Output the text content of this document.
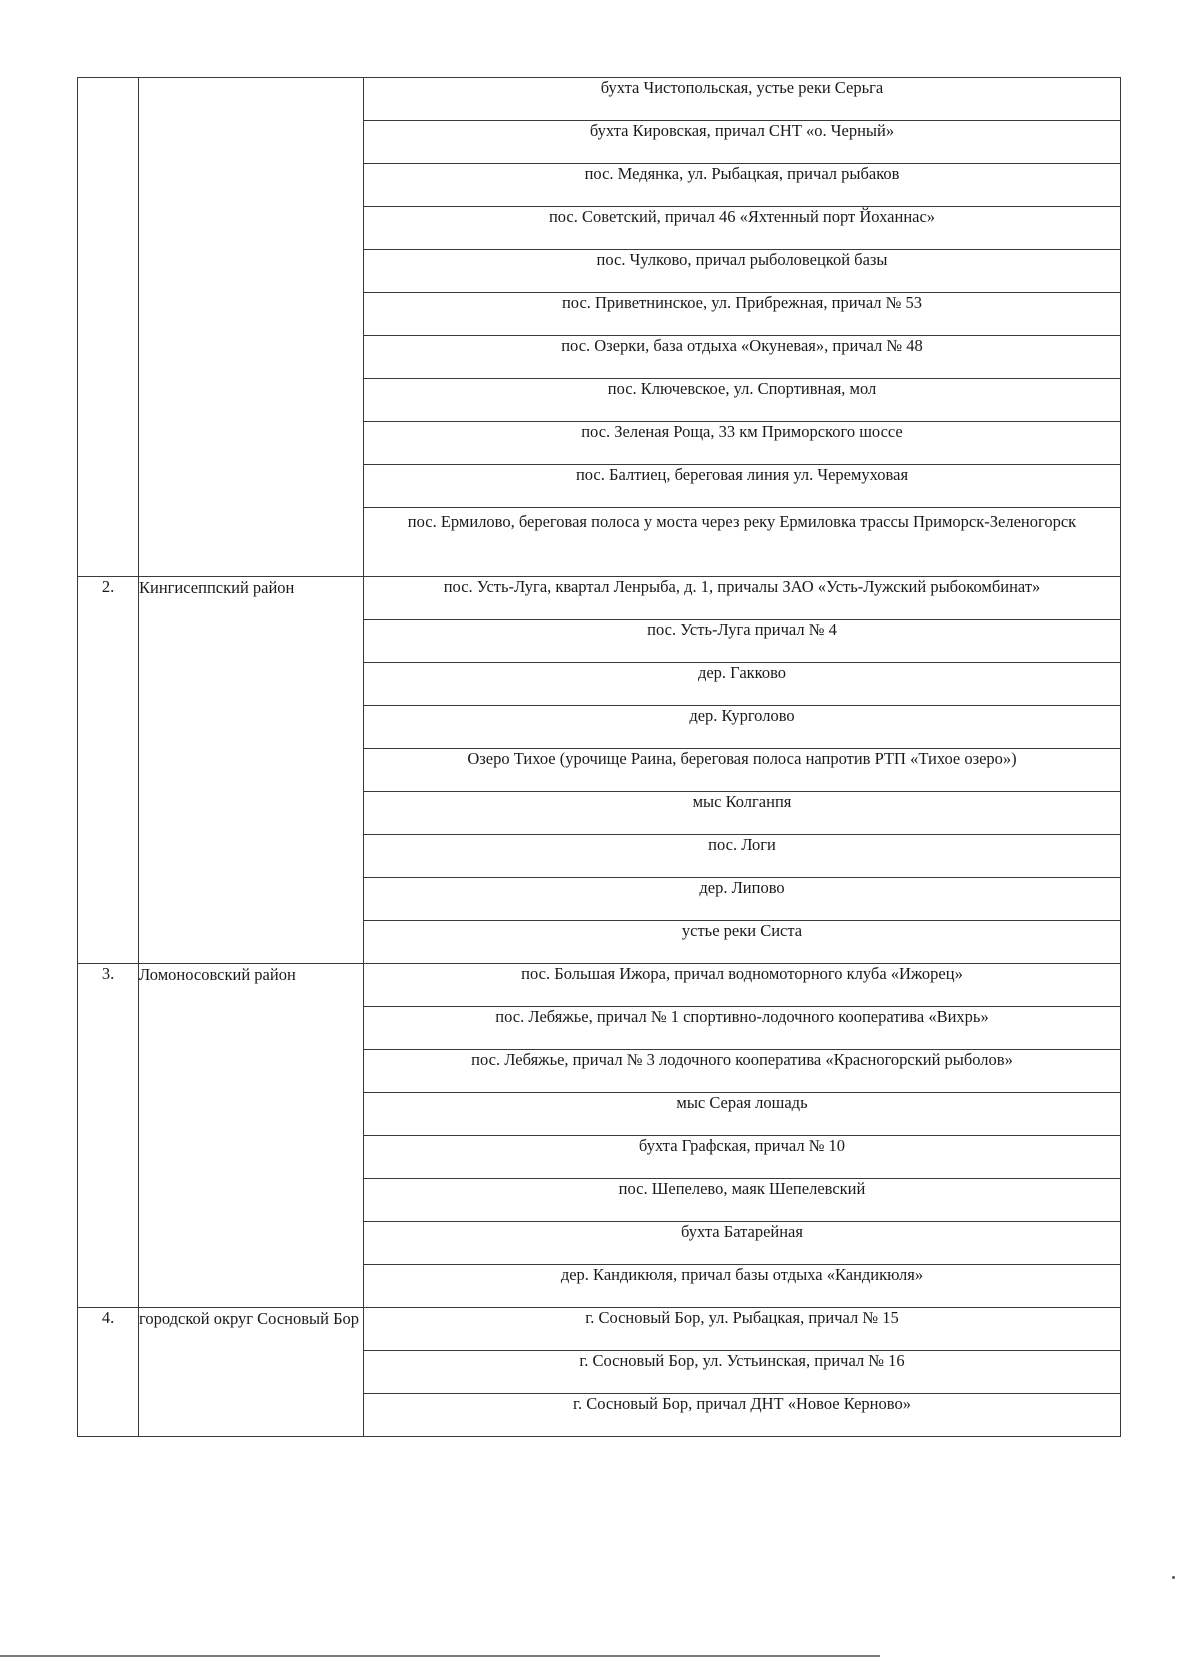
		бухта Чистопольская, устье реки Серьга
		бухта Кировская, причал СНТ «о. Черный»
		пос. Медянка, ул. Рыбацкая, причал рыбаков
		пос. Советский, причал 46 «Яхтенный порт Йоханнас»
		пос. Чулково, причал рыболовецкой базы
		пос. Приветнинское, ул. Прибрежная, причал № 53
		пос. Озерки, база отдыха «Окуневая», причал № 48
		пос. Ключевское, ул. Спортивная, мол
		пос. Зеленая Роща, 33 км Приморского шоссе
		пос. Балтиец, береговая линия ул. Черемуховая
		пос. Ермилово, береговая полоса у моста через реку Ермиловка трассы Приморск-Зеленогорск
2.	Кингисеппский район	пос. Усть-Луга, квартал Ленрыба, д. 1, причалы ЗАО «Усть-Лужский рыбокомбинат»
		пос. Усть-Луга причал № 4
		дер. Гакково
		дер. Курголово
		Озеро Тихое (урочище Раина, береговая полоса напротив РТП «Тихое озеро»)
		мыс Колганпя
		пос. Логи
		дер. Липово
		устье реки Систа
3.	Ломоносовский район	пос. Большая Ижора, причал водномоторного клуба «Ижорец»
		пос. Лебяжье, причал № 1 спортивно-лодочного кооператива «Вихрь»
		пос. Лебяжье, причал № 3 лодочного кооператива «Красногорский рыболов»
		мыс Серая лошадь
		бухта Графская, причал № 10
		пос. Шепелево, маяк Шепелевский
		бухта Батарейная
		дер. Кандикюля, причал базы отдыха «Кандикюля»
4.	городской округ Сосновый Бор	г. Сосновый Бор, ул. Рыбацкая, причал № 15
		г. Сосновый Бор, ул. Устьинская, причал № 16
		г. Сосновый Бор, причал ДНТ «Новое Керново»
